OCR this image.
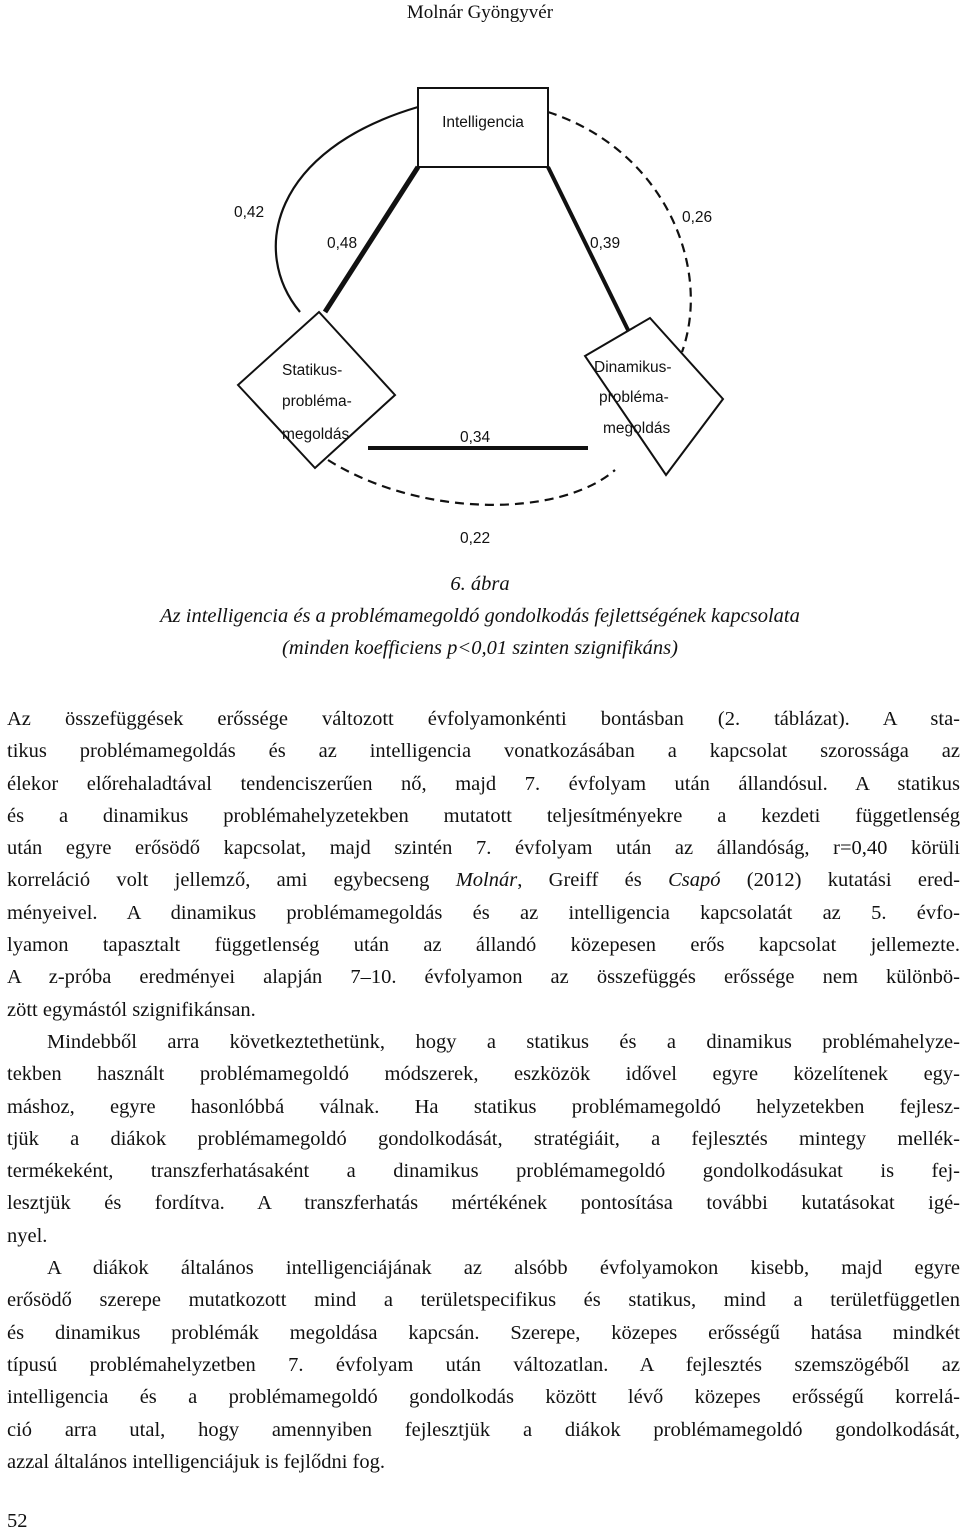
Molnár Gyöngyvér
Intelligencia
Statikus-
probléma-
megoldás
Dinamikus-
probléma-
megoldás
0,42
0,48	0,39
0,26
0,34
0,22
6. ábra
Az intelligencia és a problémamegoldó gondolkodás fejlettségének kapcsolata
(minden koefficiens p<0,01 szinten szignifikáns)
Az összefüggések erőssége változott évfolyamonkénti bontásban (2. táblázat). A sta-
tikus problémamegoldás és az intelligencia vonatkozásában a kapcsolat szorossága az
élekor előrehaladtával tendenciszerűen nő, majd 7. évfolyam után állandósul. A statikus
és a dinamikus problémahelyzetekben mutatott teljesítményekre a kezdeti függetlenség
után egyre erősödő kapcsolat, majd szintén 7. évfolyam után az állandóság, r=0,40 körüli
korreláció volt jellemző, ami egybecseng Molnár, Greiff és Csapó (2012) kutatási ered-
ményeivel. A dinamikus problémamegoldás és az intelligencia kapcsolatát az 5. évfo-
lyamon tapasztalt függetlenség után az állandó közepesen erős kapcsolat jellemezte.
A z-próba eredményei alapján 7–10. évfolyamon az összefüggés erőssége nem különbö-
zött egymástól szignifikánsan.
Mindebből arra következtethetünk, hogy a statikus és a dinamikus problémahelyze-
tekben használt problémamegoldó módszerek, eszközök idővel egyre közelítenek egy-
máshoz, egyre hasonlóbbá válnak. Ha statikus problémamegoldó helyzetekben fejlesz-
tjük a diákok problémamegoldó gondolkodását, stratégiáit, a fejlesztés mintegy mellék-
termékeként, transzferhatásaként a dinamikus problémamegoldó gondolkodásukat is fej-
lesztjük és fordítva. A transzferhatás mértékének pontosítása további kutatásokat igé-
nyel.
A diákok általános intelligenciájának az alsóbb évfolyamokon kisebb, majd egyre
erősödő szerepe mutatkozott mind a területspecifikus és statikus, mind a területfüggetlen
és dinamikus problémák megoldása kapcsán. Szerepe, közepes erősségű hatása mindkét
típusú problémahelyzetben 7. évfolyam után változatlan. A fejlesztés szemszögéből az
intelligencia és a problémamegoldó gondolkodás között lévő közepes erősségű korrelá-
ció arra utal, hogy amennyiben fejlesztjük a diákok problémamegoldó gondolkodását,
azzal általános intelligenciájuk is fejlődni fog.
52
